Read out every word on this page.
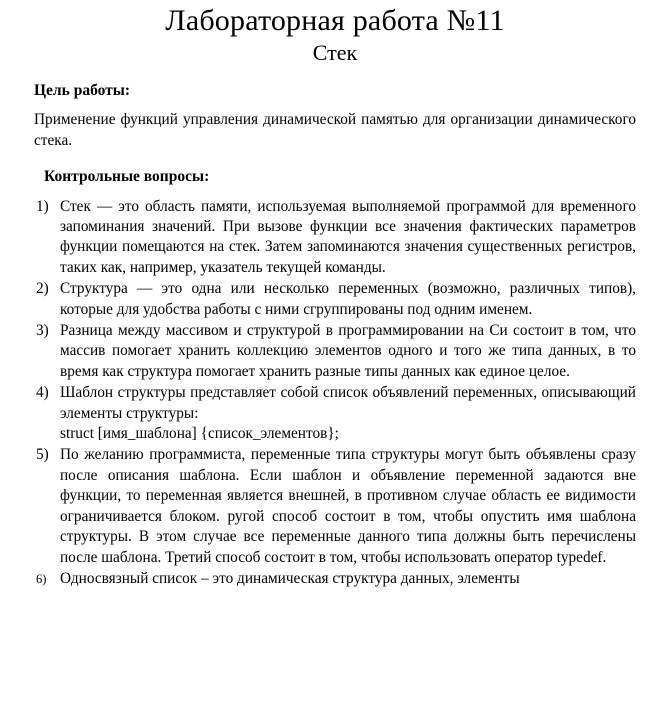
Лабораторная работа №11
Стек
Цель работы:

Применение функций управления динамической памятью для организации динамического стека.

Контрольные вопросы:
1) Стек — это область памяти, используемая выполняемой программой для временного запоминания значений. При вызове функции все значения фактических параметров функции помещаются на стек. Затем запоминаются значения существенных регистров, таких как, например, указатель текущей команды.
2) Структура — это одна или несколько переменных (возможно, различных типов), которые для удобства работы с ними сгруппированы под одним именем.
3) Разница между массивом и структурой в программировании на Си состоит в том, что массив помогает хранить коллекцию элементов одного и того же типа данных, в то время как структура помогает хранить разные типы данных как единое целое.
4) Шаблон структуры представляет собой список объявлений переменных, описывающий элементы структуры:
struct [имя_шаблона] {список_элементов};
5) По желанию программиста, переменные типа структуры могут быть объявлены сразу после описания шаблона. Если шаблон и объявление переменной задаются вне функции, то переменная является внешней, в противном случае область ее видимости ограничивается блоком. ругой способ состоит в том, чтобы опустить имя шаблона структуры. В этом случае все переменные данного типа должны быть перечислены после шаблона. Третий способ состоит в том, чтобы использовать оператор typedef.
6) Односвязный список – это динамическая структура данных, элементы
